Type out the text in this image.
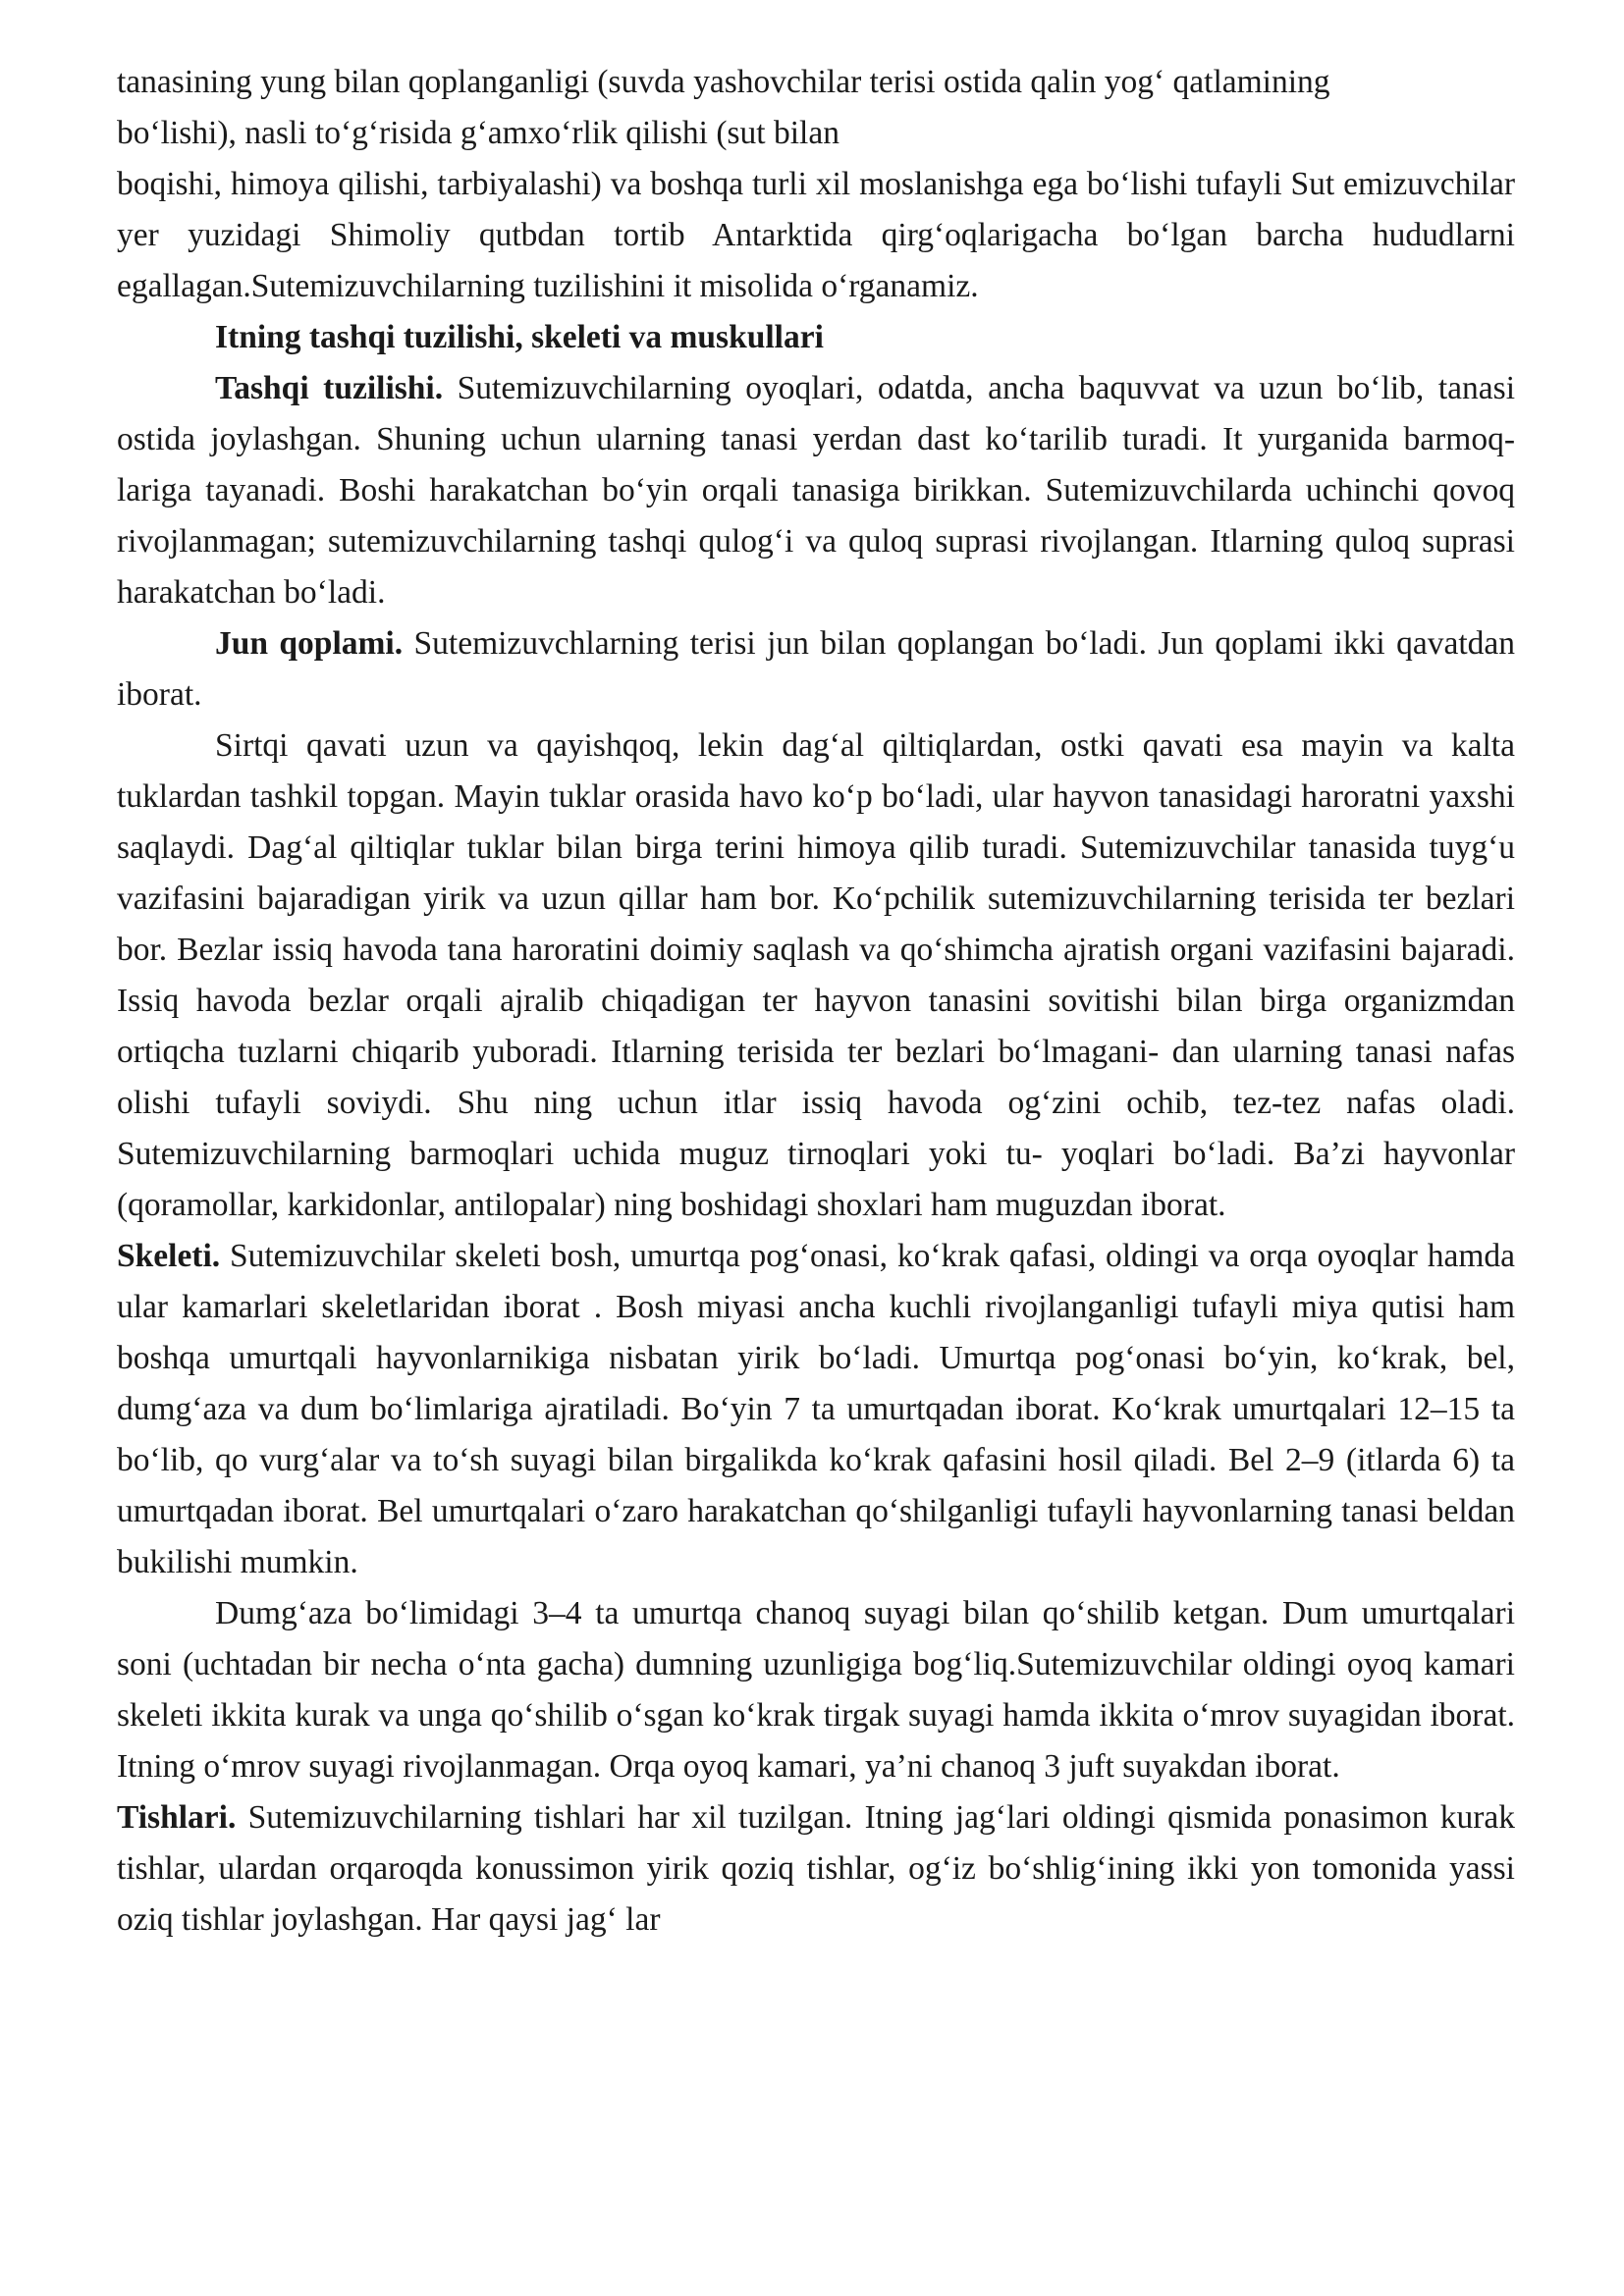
tanasining yung bilan qoplanganligi (suvda yashovchilar terisi ostida qalin yog‘ qatlamining

bo‘lishi), nasli to‘g‘risida g‘amxo‘rlik qilishi (sut bilan

boqishi, himoya qilishi, tarbiyalashi) va boshqa turli xil moslanishga ega bo‘lishi tufayli Sut emizuvchilar yer yuzidagi Shimoliy qutbdan tortib Antarktida qirg‘oqlarigacha bo‘lgan barcha hududlarni egallagan.Sutemizuvchilarning tuzilishini it misolida o‘rganamiz.

Itning tashqi tuzilishi, skeleti va muskullari

Tashqi tuzilishi. Sutemizuvchilarning oyoqlari, odatda, ancha baquvvat va uzun bo‘lib, tanasi ostida joylashgan. Shuning uchun ularning tanasi yerdan dast ko‘tarilib turadi. It yurganida barmoq- lariga tayanadi. Boshi harakatchan bo‘yin orqali tanasiga birikkan. Sutemizuvchilarda uchinchi qovoq rivojlanmagan; sutemizuvchilarning tashqi qulog‘i va quloq suprasi rivojlangan. Itlarning quloq suprasi harakatchan bo‘ladi.

Jun qoplami. Sutemizuvchlarning terisi jun bilan qoplangan bo‘ladi. Jun qoplami ikki qavatdan iborat.

Sirtqi qavati uzun va qayishqoq, lekin dag‘al qiltiqlardan, ostki qavati esa mayin va kalta tuklardan tashkil topgan. Mayin tuklar orasida havo ko‘p bo‘ladi, ular hayvon tanasidagi haroratni yaxshi saqlaydi. Dag‘al qiltiqlar tuklar bilan birga terini himoya qilib turadi. Sutemizuvchilar tanasida tuyg‘u vazifasini bajaradigan yirik va uzun qillar ham bor. Ko‘pchilik sutemizuvchilarning terisida ter bezlari bor. Bezlar issiq havoda tana haroratini doimiy saqlash va qo‘shimcha ajratish organi vazifasini bajaradi. Issiq havoda bezlar orqali ajralib chiqadigan ter hayvon tanasini sovitishi bilan birga organizmdan ortiqcha tuzlarni chiqarib yuboradi. Itlarning terisida ter bezlari bo‘lmagani- dan ularning tanasi nafas olishi tufayli soviydi. Shu ning uchun itlar issiq havoda og‘zini ochib, tez-tez nafas oladi. Sutemizuvchilarning barmoqlari uchida muguz tirnoqlari yoki tu- yoqlari bo‘ladi. Ba’zi hayvonlar (qoramollar, karkidonlar, antilopalar) ning boshidagi shoxlari ham muguzdan iborat.

Skeleti. Sutemizuvchilar skeleti bosh, umurtqa pog‘onasi, ko‘krak qafasi, oldingi va orqa oyoqlar hamda ular kamarlari skeletlaridan iborat . Bosh miyasi ancha kuchli rivojlanganligi tufayli miya qutisi ham boshqa umurtqali hayvonlarnikiga nisbatan yirik bo‘ladi. Umurtqa pog‘onasi bo‘yin, ko‘krak, bel, dumg‘aza va dum bo‘limlariga ajratiladi. Bo‘yin 7 ta umurtqadan iborat. Ko‘krak umurtqalari 12–15 ta bo‘lib, qo vurg‘alar va to‘sh suyagi bilan birgalikda ko‘krak qafasini hosil qiladi. Bel 2–9 (itlarda 6) ta umurtqadan iborat. Bel umurtqalari o‘zaro harakatchan qo‘shilganligi tufayli hayvonlarning tanasi beldan bukilishi mumkin.

Dumg‘aza bo‘limidagi 3–4 ta umurtqa chanoq suyagi bilan qo‘shilib ketgan. Dum umurtqalari soni (uchtadan bir necha o‘nta gacha) dumning uzunligiga bog‘liq.Sutemizuvchilar oldingi oyoq kamari skeleti ikkita kurak va unga qo‘shilib o‘sgan ko‘krak tirgak suyagi hamda ikkita o‘mrov suyagidan iborat. Itning o‘mrov suyagi rivojlanmagan. Orqa oyoq kamari, ya’ni chanoq 3 juft suyakdan iborat.

Tishlari. Sutemizuvchilarning tishlari har xil tuzilgan. Itning jag‘lari oldingi qismida ponasimon kurak tishlar, ulardan orqaroqda konussimon yirik qoziq tishlar, og‘iz bo‘shlig‘ining ikki yon tomonida yassi oziq tishlar joylashgan. Har qaysi jag‘ lar
